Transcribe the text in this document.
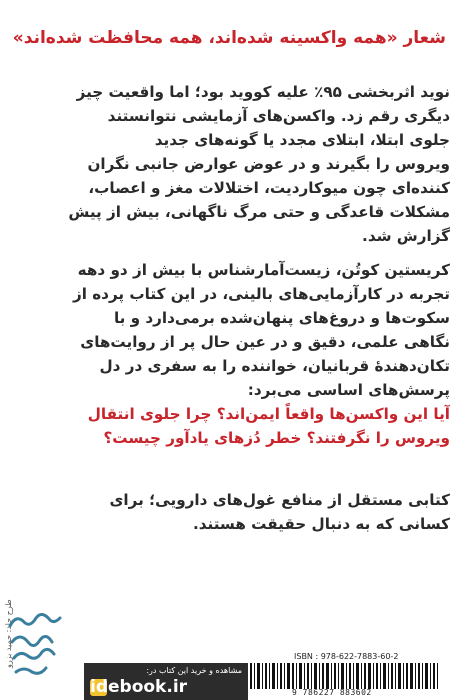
شعار «همه واکسینه شده‌اند، همه محافظت شده‌اند»
نوید اثربخشی ۹۵٪ علیه کووید بود؛ اما واقعیت چیز
دیگری رقم زد. واکسن‌های آزمایشی نتوانستند
جلوی ابتلا، ابتلای مجدد یا گونه‌های جدید
ویروس را بگیرند و در عوض عوارض جانبی نگران
کننده‌ای چون میوکاردیت، اختلالات مغز و اعصاب،
مشکلات قاعدگی و حتی مرگ ناگهانی، بیش از پیش
گزارش شد.
کریستین کوتُن، زیست‌آمارشناس با بیش از دو دهه
تجربه در کارآزمایی‌های بالینی، در این کتاب پرده از
سکوت‌ها و دروغ‌های پنهان‌شده برمی‌دارد و با
نگاهی علمی، دقیق و در عین حال پر از روایت‌های
تکان‌دهندهٔ قربانیان، خواننده را به سفری در دل
پرسش‌های اساسی می‌برد:
آیا این واکسن‌ها واقعاً ایمن‌اند؟ چرا جلوی انتقال
ویروس را نگرفتند؟ خطر دُزهای یادآور چیست؟
کتابی مستقل از منافع غول‌های دارویی؛ برای
کسانی که به دنبال حقیقت هستند.
طرح جلد: حمید بزرو	ISBN : 978-622-7883-60-2
9 786227 883602
مشاهده و خرید این کتاب در:
idebook.ir
